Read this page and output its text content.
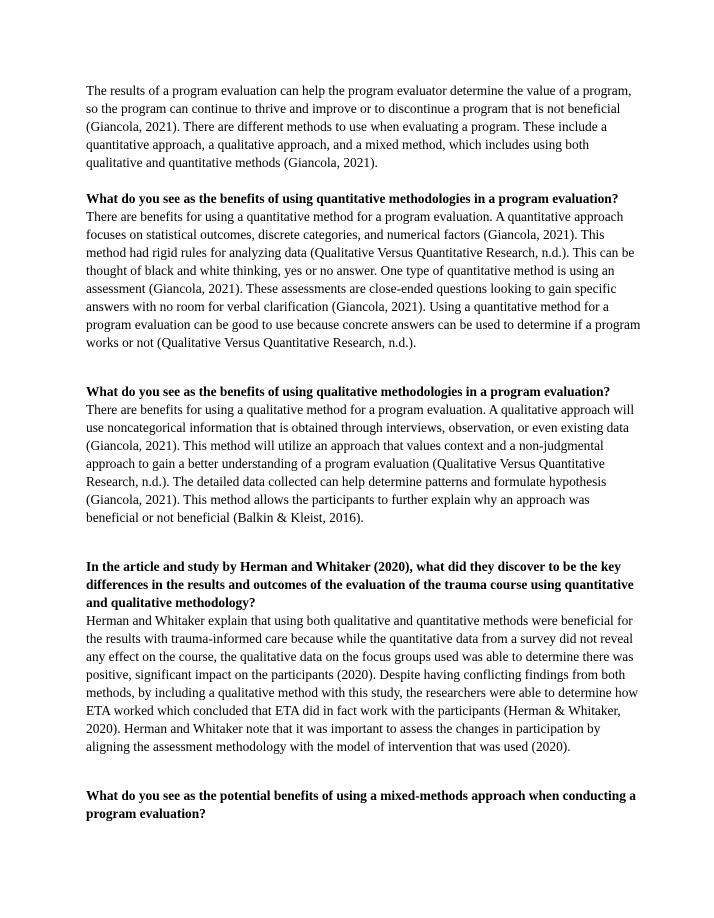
The results of a program evaluation can help the program evaluator determine the value of a program, so the program can continue to thrive and improve or to discontinue a program that is not beneficial (Giancola, 2021). There are different methods to use when evaluating a program. These include a quantitative approach, a qualitative approach, and a mixed method, which includes using both qualitative and quantitative methods (Giancola, 2021).

What do you see as the benefits of using quantitative methodologies in a program evaluation?

There are benefits for using a quantitative method for a program evaluation. A quantitative approach focuses on statistical outcomes, discrete categories, and numerical factors (Giancola, 2021). This method had rigid rules for analyzing data (Qualitative Versus Quantitative Research, n.d.). This can be thought of black and white thinking, yes or no answer. One type of quantitative method is using an assessment (Giancola, 2021). These assessments are close-ended questions looking to gain specific answers with no room for verbal clarification (Giancola, 2021). Using a quantitative method for a program evaluation can be good to use because concrete answers can be used to determine if a program works or not (Qualitative Versus Quantitative Research, n.d.).

What do you see as the benefits of using qualitative methodologies in a program evaluation?

There are benefits for using a qualitative method for a program evaluation. A qualitative approach will use noncategorical information that is obtained through interviews, observation, or even existing data (Giancola, 2021). This method will utilize an approach that values context and a non-judgmental approach to gain a better understanding of a program evaluation (Qualitative Versus Quantitative Research, n.d.). The detailed data collected can help determine patterns and formulate hypothesis (Giancola, 2021). This method allows the participants to further explain why an approach was beneficial or not beneficial (Balkin & Kleist, 2016).

In the article and study by Herman and Whitaker (2020), what did they discover to be the key differences in the results and outcomes of the evaluation of the trauma course using quantitative and qualitative methodology?

Herman and Whitaker explain that using both qualitative and quantitative methods were beneficial for the results with trauma-informed care because while the quantitative data from a survey did not reveal any effect on the course, the qualitative data on the focus groups used was able to determine there was positive, significant impact on the participants (2020). Despite having conflicting findings from both methods, by including a qualitative method with this study, the researchers were able to determine how ETA worked which concluded that ETA did in fact work with the participants (Herman & Whitaker, 2020). Herman and Whitaker note that it was important to assess the changes in participation by aligning the assessment methodology with the model of intervention that was used (2020).

What do you see as the potential benefits of using a mixed-methods approach when conducting a program evaluation?
